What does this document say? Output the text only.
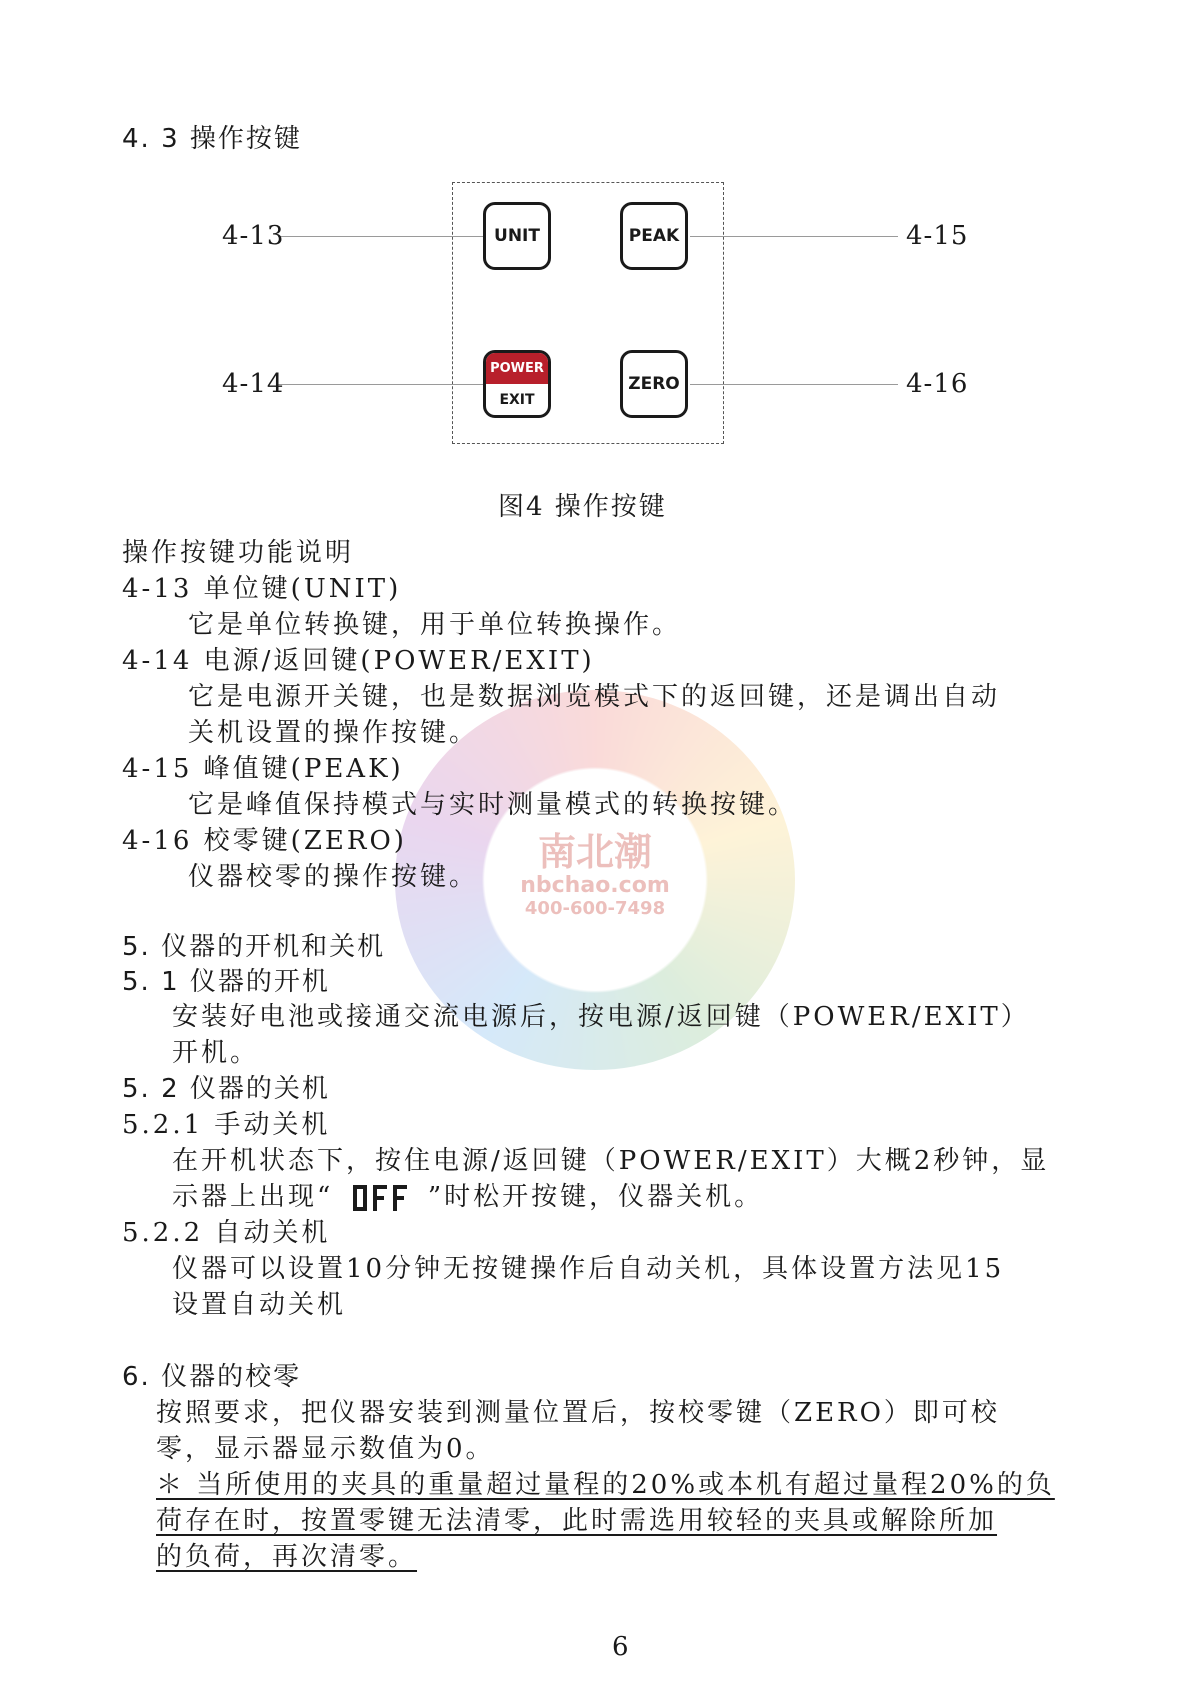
南北潮
nbchao.com
400-600-7498
4. 3 操作按键
4-13
4-14
4-15
4-16
UNIT	PEAK
POWER
EXIT
ZERO
图4 操作按键
操作按键功能说明
4-13 单位键(UNIT)
它是单位转换键，用于单位转换操作。
4-14 电源/返回键(POWER/EXIT)
它是电源开关键，也是数据浏览模式下的返回键，还是调出自动
关机设置的操作按键。
4-15 峰值键(PEAK)
它是峰值保持模式与实时测量模式的转换按键。
4-16 校零键(ZERO)
仪器校零的操作按键。
5. 仪器的开机和关机
5. 1 仪器的开机
安装好电池或接通交流电源后，按电源/返回键（POWER/EXIT）
开机。
5. 2 仪器的关机
5.2.1 手动关机
在开机状态下，按住电源/返回键（POWER/EXIT）大概2秒钟，显
示器上出现“	”时松开按键，仪器关机。
5.2.2 自动关机
仪器可以设置10分钟无按键操作后自动关机，具体设置方法见15
设置自动关机
6. 仪器的校零
按照要求，把仪器安装到测量位置后，按校零键（ZERO）即可校
零，显示器显示数值为0。
＊ 当所使用的夹具的重量超过量程的20%或本机有超过量程20%的负
荷存在时，按置零键无法清零，此时需选用较轻的夹具或解除所加
的负荷，再次清零。
6
